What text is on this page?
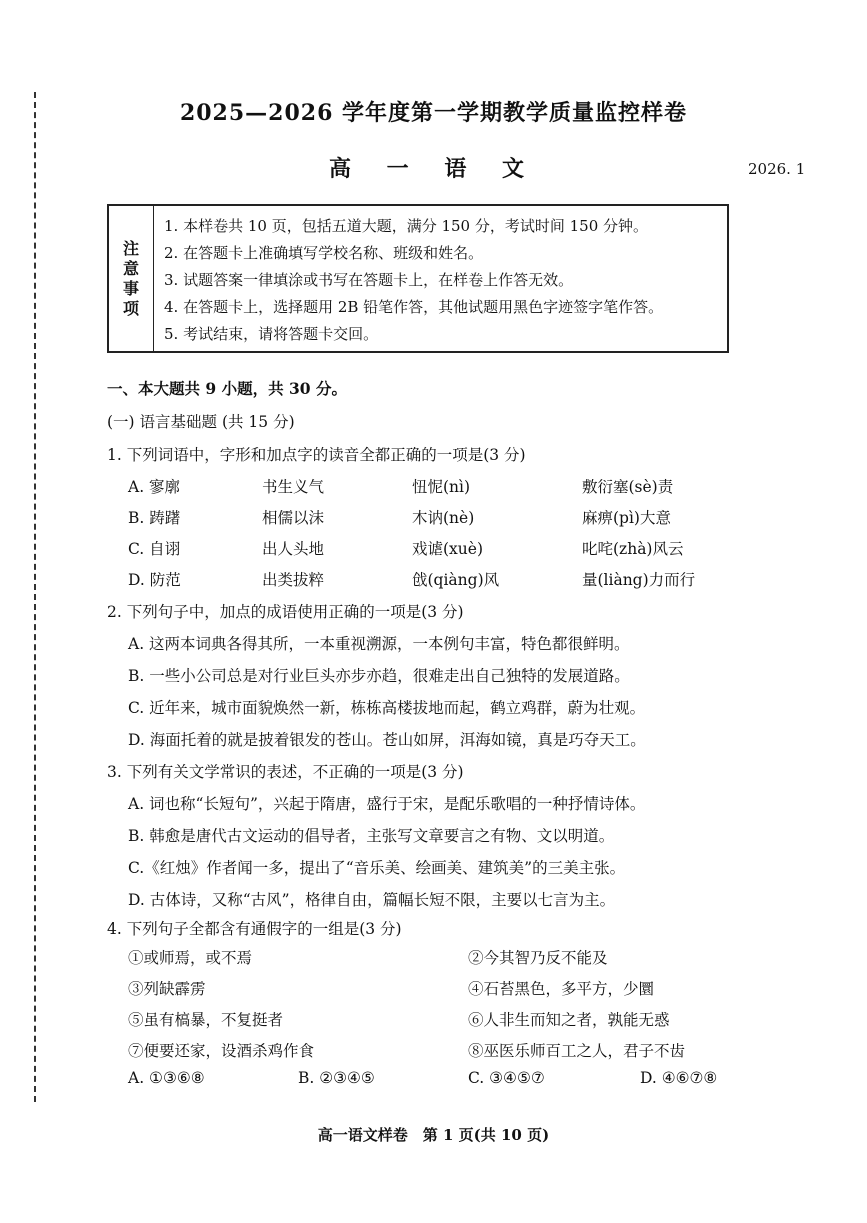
2025—2026 学年度第一学期教学质量监控样卷
高 一 语 文	2026. 1
注
意
事
项
1. 本样卷共 10 页，包括五道大题，满分 150 分，考试时间 150 分钟。
2. 在答题卡上准确填写学校名称、班级和姓名。
3. 试题答案一律填涂或书写在答题卡上，在样卷上作答无效。
4. 在答题卡上，选择题用 2B 铅笔作答，其他试题用黑色字迹签字笔作答。
5. 考试结束，请将答题卡交回。
一、本大题共 9 小题，共 30 分。
(一) 语言基础题 (共 15 分)
1. 下列词语中，字形和加点字的读音全都正确的一项是(3 分)
A. 寥廓	书生义气	忸怩(nì)	敷衍塞(sè)责
B. 踌躇	相儒以沫	木讷(nè)	麻痹(pì)大意
C. 自诩	出人头地	戏谑(xuè)	叱咤(zhà)风云
D. 防范	出类拔粹	戗(qiàng)风	量(liàng)力而行
2. 下列句子中，加点的成语使用正确的一项是(3 分)
A. 这两本词典各得其所，一本重视溯源，一本例句丰富，特色都很鲜明。
B. 一些小公司总是对行业巨头亦步亦趋，很难走出自己独特的发展道路。
C. 近年来，城市面貌焕然一新，栋栋高楼拔地而起，鹤立鸡群，蔚为壮观。
D. 海面托着的就是披着银发的苍山。苍山如屏，洱海如镜，真是巧夺天工。
3. 下列有关文学常识的表述，不正确的一项是(3 分)
A. 词也称“长短句”，兴起于隋唐，盛行于宋，是配乐歌唱的一种抒情诗体。
B. 韩愈是唐代古文运动的倡导者，主张写文章要言之有物、文以明道。
C.《红烛》作者闻一多，提出了“音乐美、绘画美、建筑美”的三美主张。
D. 古体诗，又称“古风”，格律自由，篇幅长短不限，主要以七言为主。
4. 下列句子全都含有通假字的一组是(3 分)
①或师焉，或不焉	②今其智乃反不能及
③列缺霹雳	④石苔黑色，多平方，少圜
⑤虽有槁暴，不复挺者	⑥人非生而知之者，孰能无惑
⑦便要还家，设酒杀鸡作食	⑧巫医乐师百工之人，君子不齿
A. ①③⑥⑧	B. ②③④⑤	C. ③④⑤⑦	D. ④⑥⑦⑧
高一语文样卷　第 1 页(共 10 页)
